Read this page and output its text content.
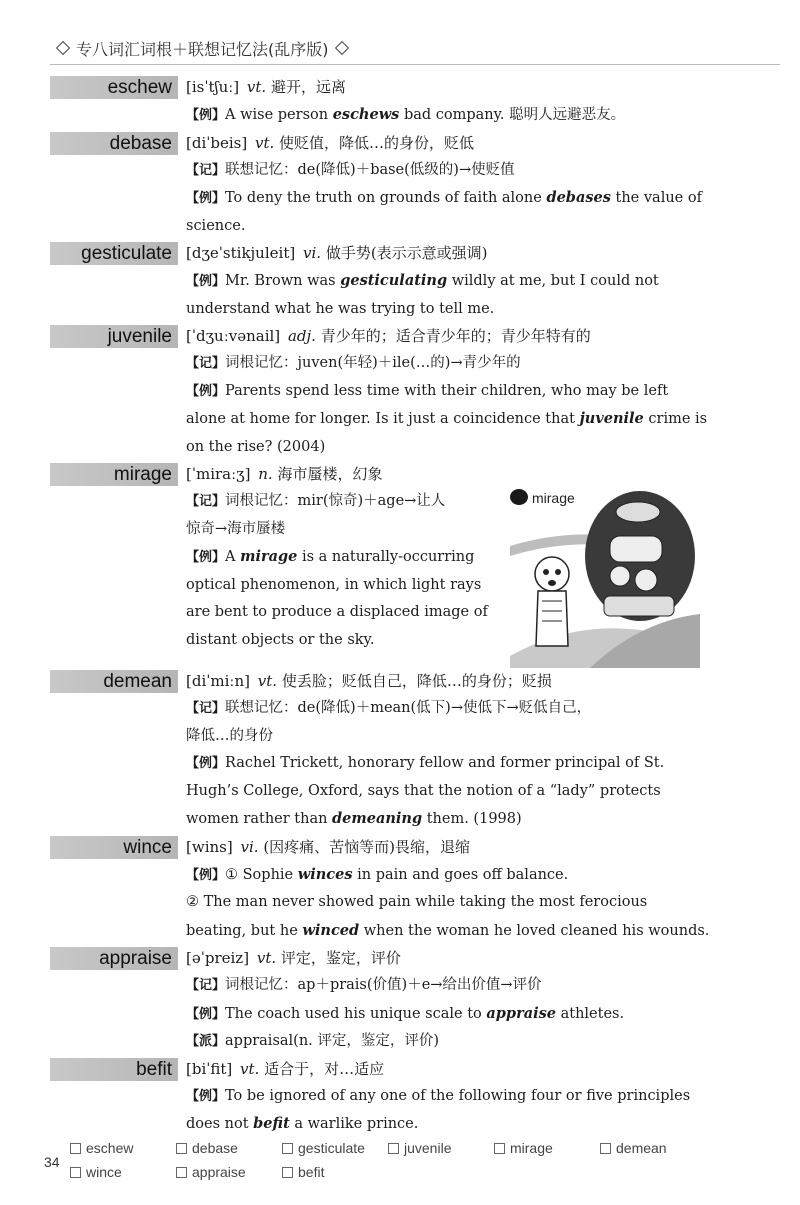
专八词汇词根＋联想记忆法(乱序版)
eschew [isˈtʃuː] vt. 避开，远离
【例】A wise person eschews bad company. 聪明人远避恶友。
debase [diˈbeis] vt. 使贬值，降低…的身份，贬低
【记】联想记忆：de(降低)＋base(低级的)→使贬值
【例】To deny the truth on grounds of faith alone debases the value of
science.
gesticulate [dʒeˈstikjuleit] vi. 做手势(表示示意或强调)
【例】Mr. Brown was gesticulating wildly at me, but I could not
understand what he was trying to tell me.
juvenile [ˈdʒuːvənail] adj. 青少年的；适合青少年的；青少年特有的
【记】词根记忆：juven(年轻)＋ile(…的)→青少年的
【例】Parents spend less time with their children, who may be left
alone at home for longer. Is it just a coincidence that juvenile crime is
on the rise? (2004)
mirage [ˈmiraːʒ] n. 海市蜃楼，幻象
【记】词根记忆：mir(惊奇)＋age→让人
惊奇→海市蜃楼
【例】A mirage is a naturally-occurring
optical phenomenon, in which light rays
are bent to produce a displaced image of
distant objects or the sky.
mirage
demean [diˈmiːn] vt. 使丢脸；贬低自己，降低…的身份；贬损
【记】联想记忆：de(降低)＋mean(低下)→使低下→贬低自己，
降低…的身份
【例】Rachel Trickett, honorary fellow and former principal of St.
Hugh’s College, Oxford, says that the notion of a “lady” protects
women rather than demeaning them. (1998)
wince [wins] vi. (因疼痛、苦恼等而)畏缩，退缩
【例】① Sophie winces in pain and goes off balance.
② The man never showed pain while taking the most ferocious
beating, but he winced when the woman he loved cleaned his wounds.
appraise [əˈpreiz] vt. 评定，鉴定，评价
【记】词根记忆：ap＋prais(价值)＋e→给出价值→评价
【例】The coach used his unique scale to appraise athletes.
【派】appraisal(n. 评定，鉴定，评价)
befit [biˈfit] vt. 适合于，对…适应
【例】To be ignored of any one of the following four or five principles
does not befit a warlike prince.
34
eschew	debase	gesticulate	juvenile	mirage	demean
wince	appraise	befit
